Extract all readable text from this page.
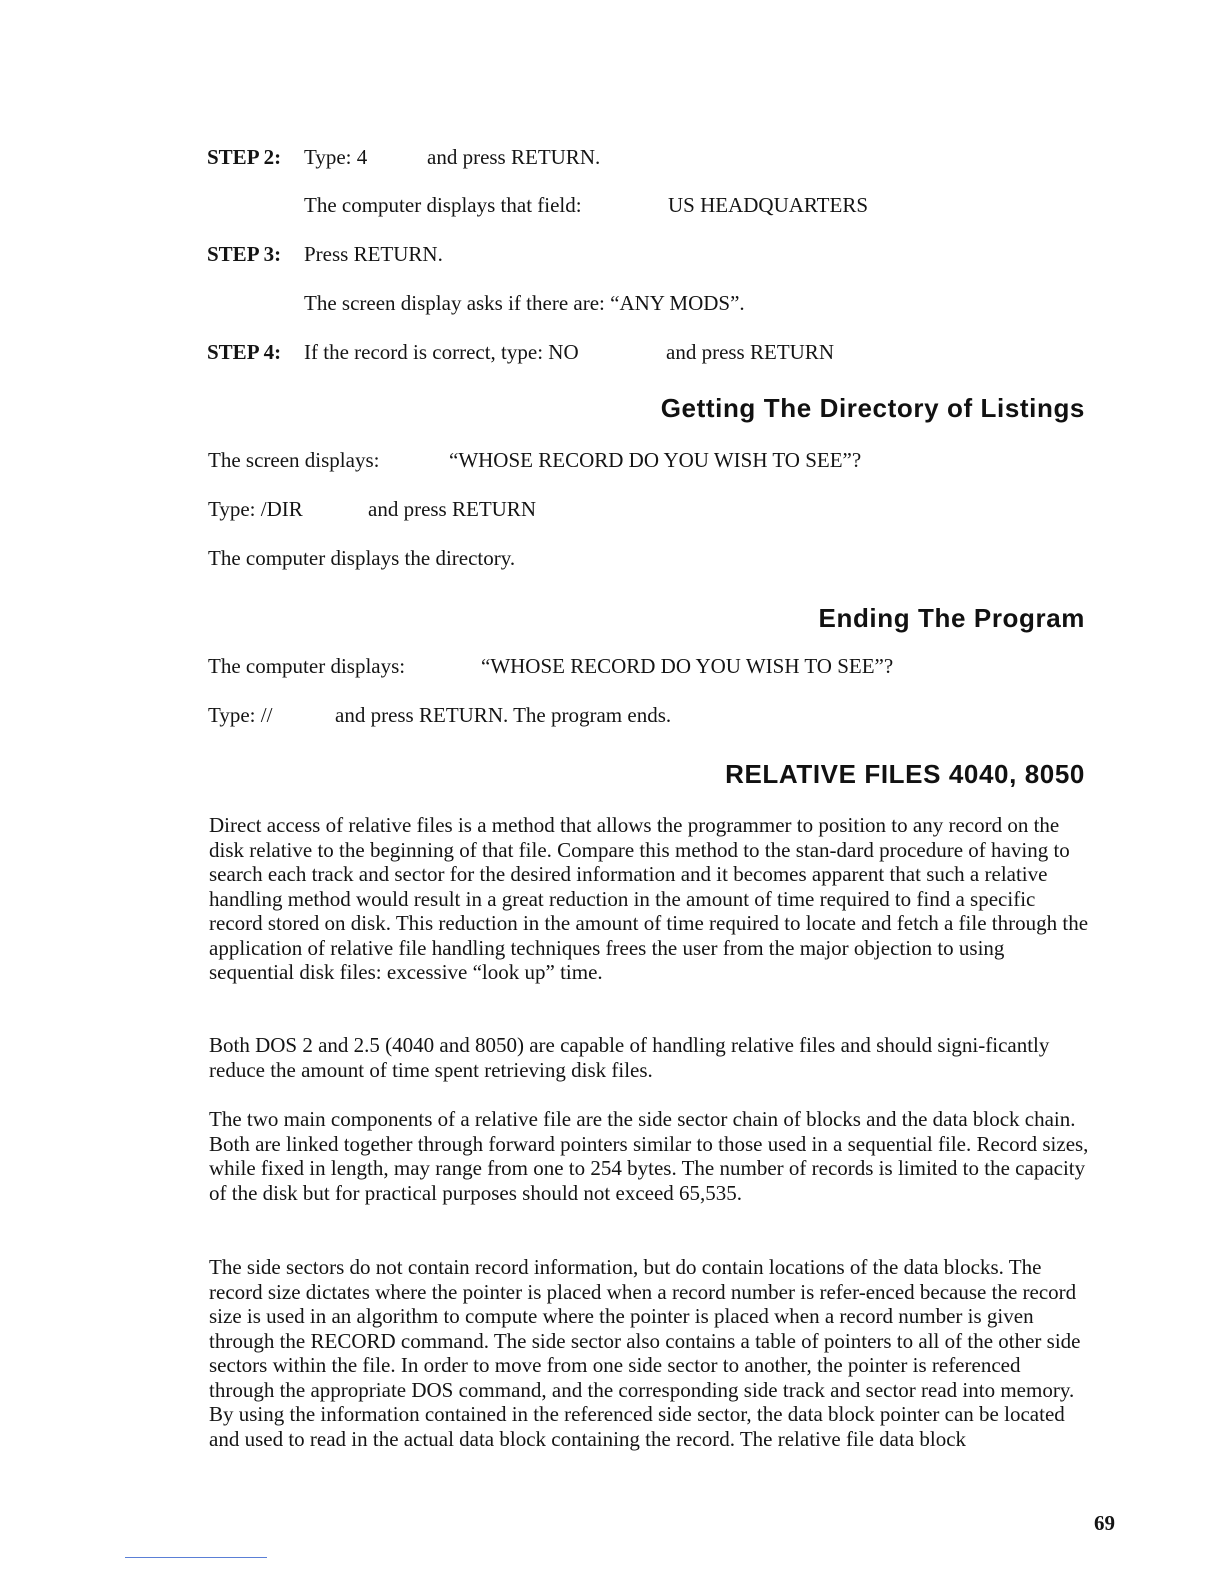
STEP 2: Type: 4	and press RETURN.
The computer displays that field:	US HEADQUARTERS
STEP 3: Press RETURN.
The screen display asks if there are: “ANY MODS”.
STEP 4: If the record is correct, type: NO	and press RETURN
Getting The Directory of Listings
The screen displays:	“WHOSE RECORD DO YOU WISH TO SEE”?
Type: /DIR	and press RETURN
The computer displays the directory.
Ending The Program
The computer displays:	“WHOSE RECORD DO YOU WISH TO SEE”?
Type: //	and press RETURN. The program ends.
RELATIVE FILES 4040, 8050

Direct access of relative files is a method that allows the programmer to position to any record on the disk relative to the beginning of that file. Compare this method to the stan-dard procedure of having to search each track and sector for the desired information and it becomes apparent that such a relative handling method would result in a great reduction in the amount of time required to find a specific record stored on disk. This reduction in the amount of time required to locate and fetch a file through the application of relative file handling techniques frees the user from the major objection to using sequential disk files: excessive “look up” time.

Both DOS 2 and 2.5 (4040 and 8050) are capable of handling relative files and should signi-ficantly reduce the amount of time spent retrieving disk files.

The two main components of a relative file are the side sector chain of blocks and the data block chain. Both are linked together through forward pointers similar to those used in a sequential file. Record sizes, while fixed in length, may range from one to 254 bytes. The number of records is limited to the capacity of the disk but for practical purposes should not exceed 65,535.

The side sectors do not contain record information, but do contain locations of the data blocks. The record size dictates where the pointer is placed when a record number is refer-enced because the record size is used in an algorithm to compute where the pointer is placed when a record number is given through the RECORD command. The side sector also contains a table of pointers to all of the other side sectors within the file. In order to move from one side sector to another, the pointer is referenced through the appropriate DOS command, and the corresponding side track and sector read into memory. By using the information contained in the referenced side sector, the data block pointer can be located and used to read in the actual data block containing the record. The relative file data block

69
